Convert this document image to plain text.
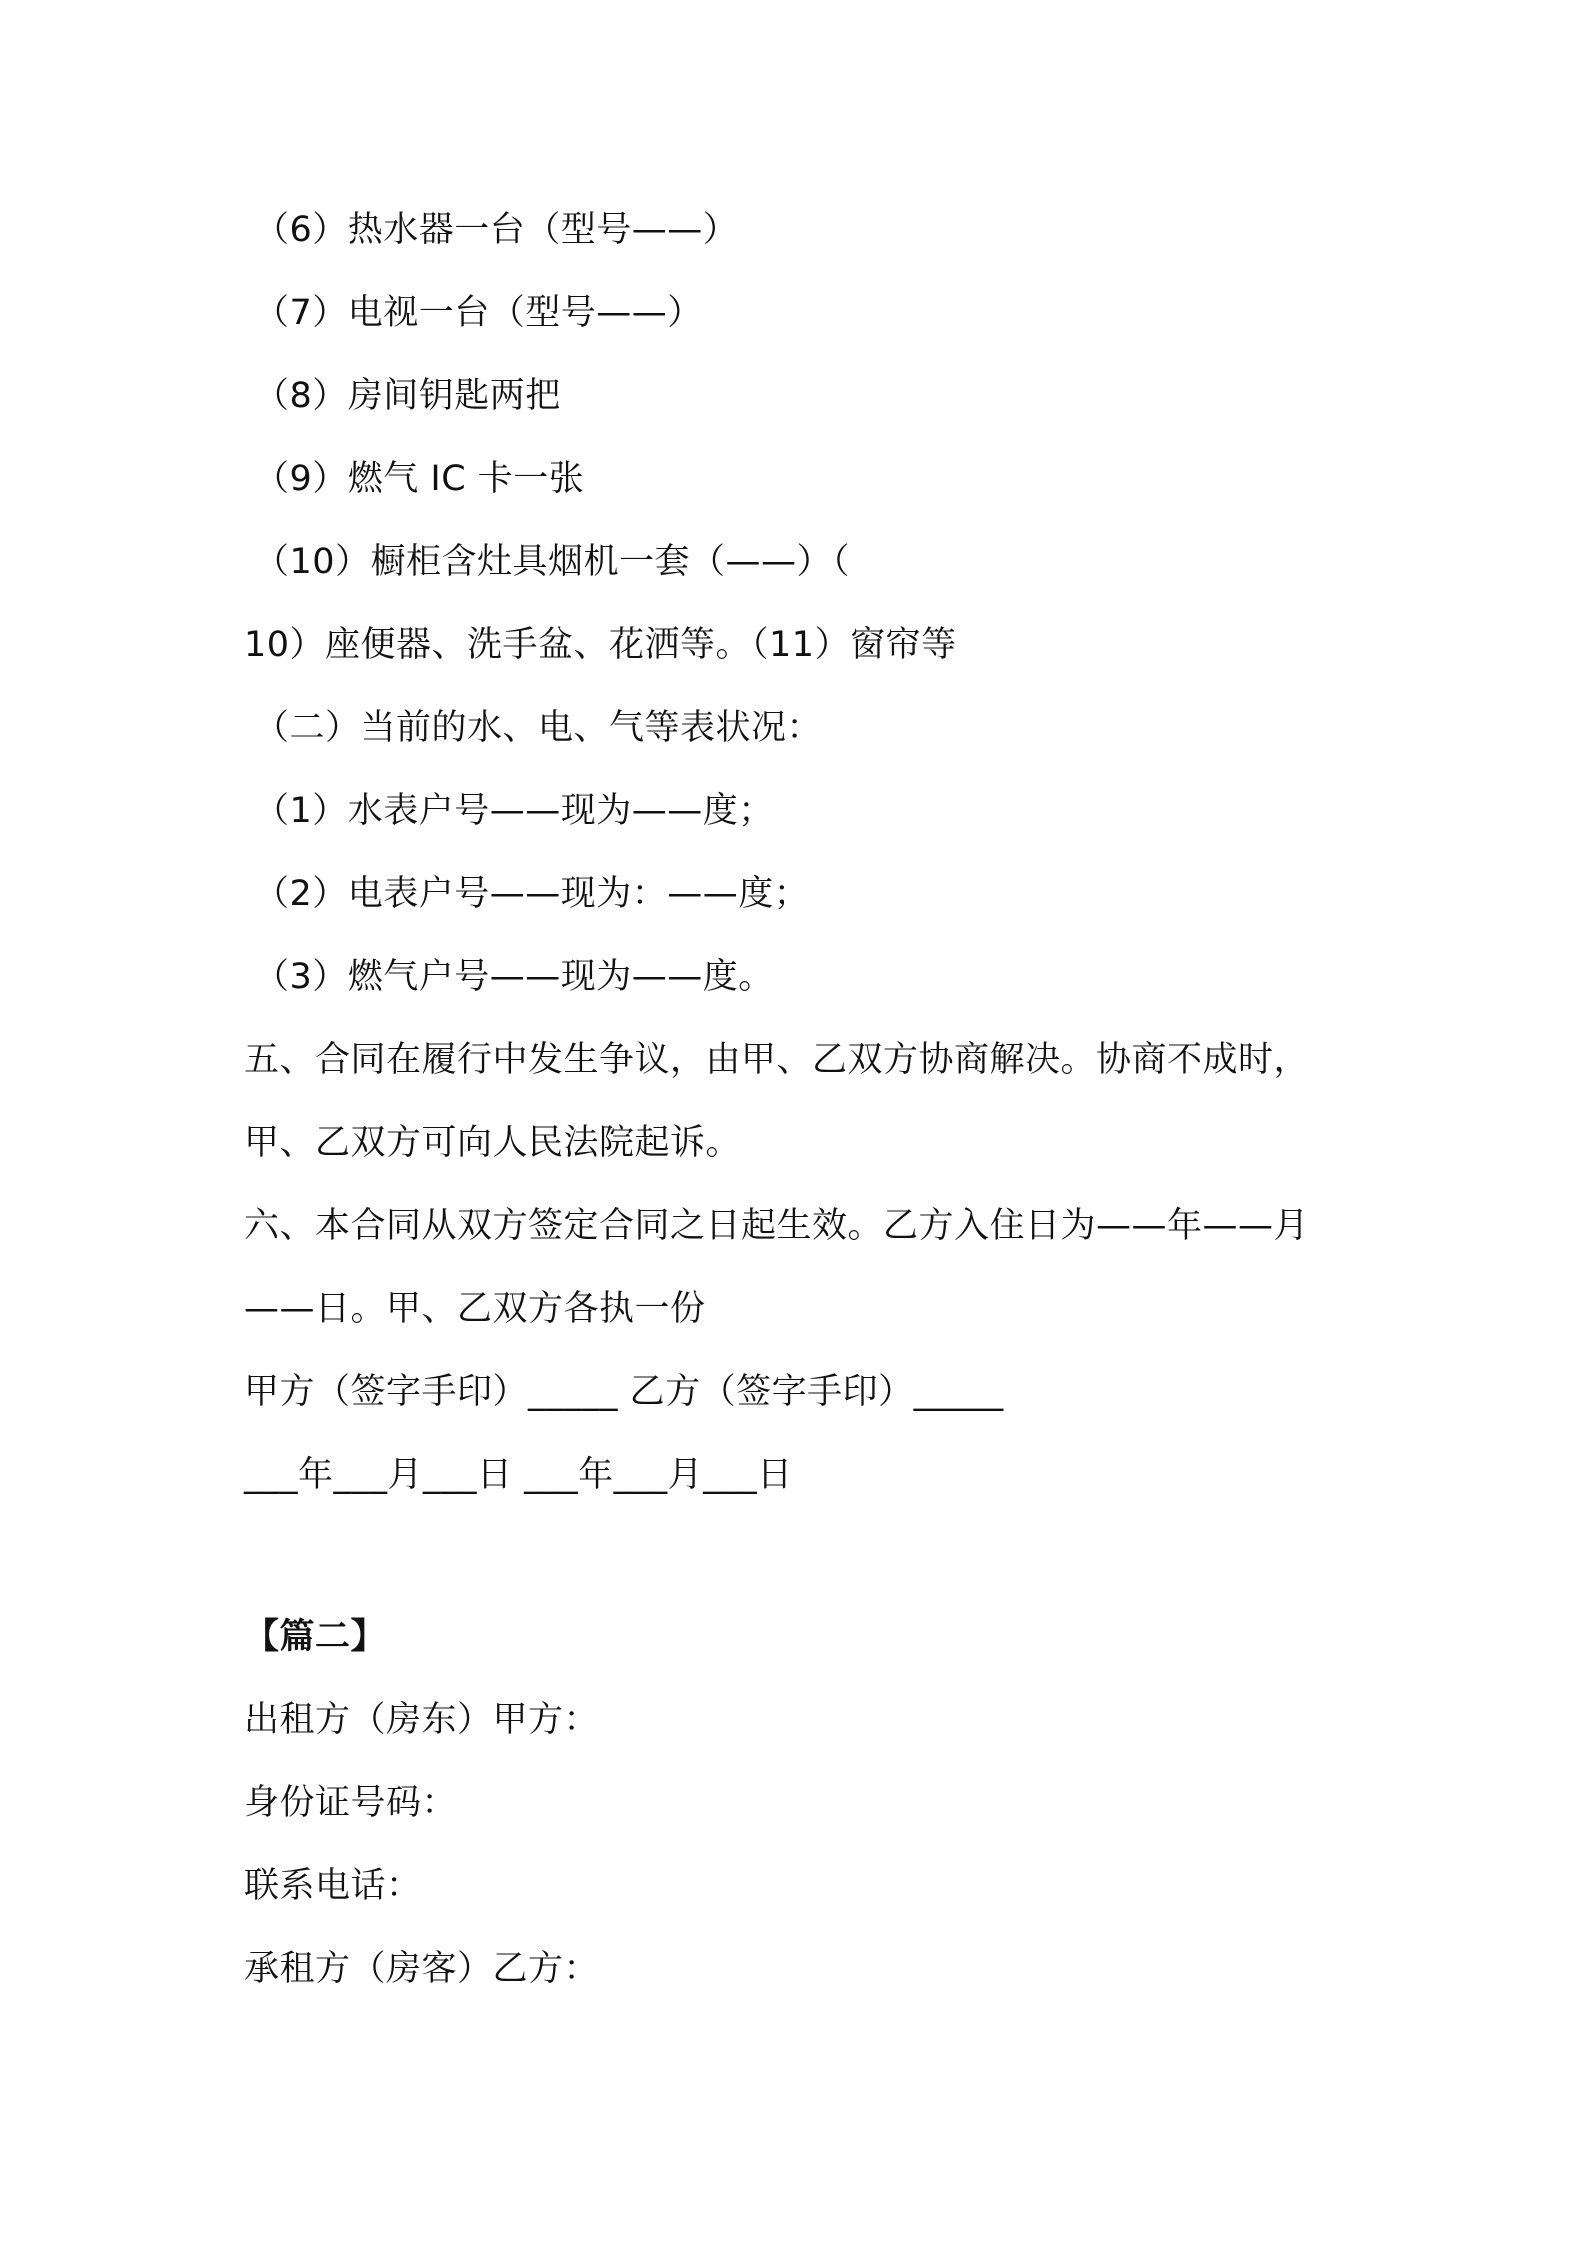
（6）热水器一台（型号——）
（7）电视一台（型号——）
（8）房间钥匙两把
（9）燃气 IC 卡一张
（10）橱柜含灶具烟机一套（——）（
10）座便器、洗手盆、花洒等。（11）窗帘等
（二）当前的水、电、气等表状况：
（1）水表户号——现为——度；
（2）电表户号——现为：——度；
（3）燃气户号——现为——度。
五、合同在履行中发生争议，由甲、乙双方协商解决。协商不成时，
甲、乙双方可向人民法院起诉。
六、本合同从双方签定合同之日起生效。乙方入住日为——年——月
——日。甲、乙双方各执一份
甲方（签字手印）_____ 乙方（签字手印）_____
___年___月___日 ___年___月___日
【篇二】
出租方（房东）甲方：
身份证号码：
联系电话：
承租方（房客）乙方：
